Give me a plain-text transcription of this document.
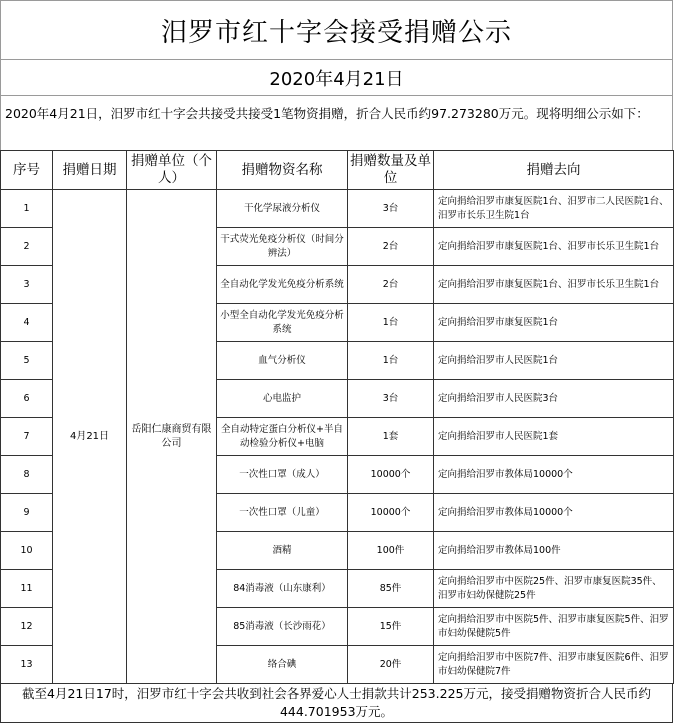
汨罗市红十字会接受捐赠公示
2020年4月21日
2020年4月21日，汨罗市红十字会共接受共接受1笔物资捐赠，折合人民币约97.273280万元。现将明细公示如下：
序号	捐赠日期	捐赠单位（个人）	捐赠物资名称	捐赠数量及单位	捐赠去向
1	4月21日	岳阳仁康商贸有限公司	干化学尿液分析仪	3台	定向捐给汨罗市康复医院1台、汨罗市二人民医院1台、汨罗市长乐卫生院1台
2			干式荧光免疫分析仪（时间分辨法）	2台	定向捐给汨罗市康复医院1台、汨罗市长乐卫生院1台
3			全自动化学发光免疫分析系统	2台	定向捐给汨罗市康复医院1台、汨罗市长乐卫生院1台
4			小型全自动化学发光免疫分析系统	1台	定向捐给汨罗市康复医院1台
5			血气分析仪	1台	定向捐给汨罗市人民医院1台
6			心电监护	3台	定向捐给汨罗市人民医院3台
7			全自动特定蛋白分析仪+半自动检验分析仪+电脑	1套	定向捐给汨罗市人民医院1套
8			一次性口罩（成人）	10000个	定向捐给汨罗市教体局10000个
9			一次性口罩（儿童）	10000个	定向捐给汨罗市教体局10000个
10			酒精	100件	定向捐给汨罗市教体局100件
11			84消毒液（山东康利）	85件	定向捐给汨罗市中医院25件、汨罗市康复医院35件、汨罗市妇幼保健院25件
12			85消毒液（长沙雨花）	15件	定向捐给汨罗市中医院5件、汨罗市康复医院5件、汨罗市妇幼保健院5件
13			络合碘	20件	定向捐给汨罗市中医院7件、汨罗市康复医院6件、汨罗市妇幼保健院7件
截至4月21日17时，汨罗市红十字会共收到社会各界爱心人士捐款共计253.225万元，接受捐赠物资折合人民币约444.701953万元。
